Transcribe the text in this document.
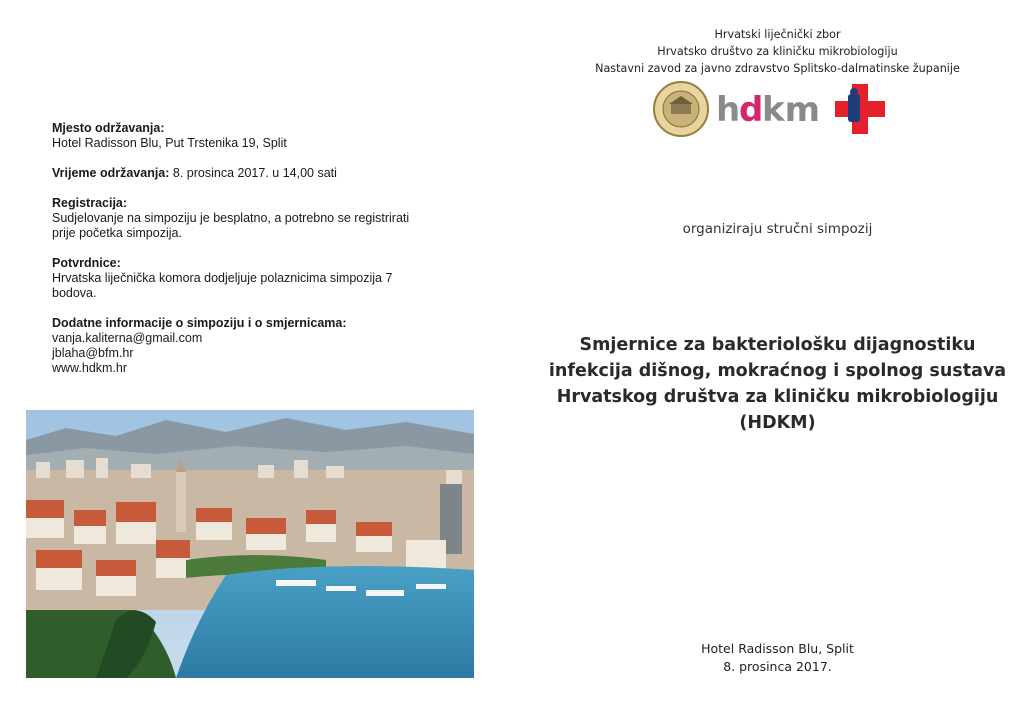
Mjesto održavanja:
Hotel Radisson Blu, Put Trstenika 19, Split
Vrijeme održavanja: 8. prosinca 2017. u 14,00 sati
Registracija:
Sudjelovanje na simpoziju je besplatno, a potrebno se registrirati
prije početka simpozija.
Potvrdnice:
Hrvatska liječnička komora dodjeljuje polaznicima simpozija 7
bodova.
Dodatne informacije o simpoziju i o smjernicama:
vanja.kaliterna@gmail.com
jblaha@bfm.hr
www.hdkm.hr
Hrvatski liječnički zbor
Hrvatsko društvo za kliničku mikrobiologiju
Nastavni zavod za javno zdravstvo Splitsko-dalmatinske županije
h
d
km
organiziraju stručni simpozij
Smjernice za bakteriološku dijagnostiku
infekcija dišnog, mokraćnog i spolnog sustava
Hrvatskog društva za kliničku mikrobiologiju
(HDKM)
Hotel Radisson Blu, Split
8. prosinca 2017.
